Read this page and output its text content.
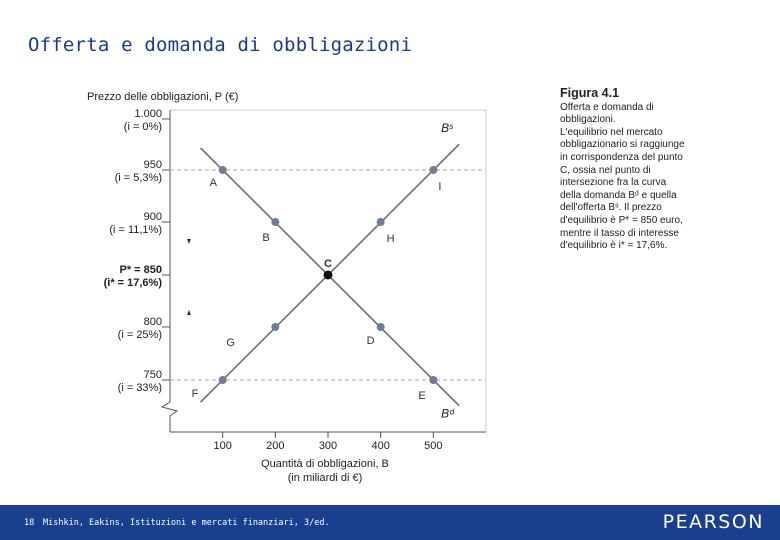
Offerta e domanda di obbligazioni
Prezzo delle obbligazioni, P (€)
1.000
(i = 0%)
950
(i = 5,3%)
900
(i = 11,1%)
P* = 850
(i* = 17,6%)
800
(i = 25%)
750
(i = 33%)
100	200	300	400	500
Quantità di obbligazioni, B
(in miliardi di €)
Bˢ
Bᵈ
A	I
B	H
C
G	D
F	E
Figura 4.1
Offerta e domanda di
obbligazioni.
L'equilibrio nel mercato
obbligazionario si raggiunge
in corrispondenza del punto
C, ossia nel punto di
intersezione fra la curva
della domanda Bᵈ e quella
dell'offerta Bˢ. Il prezzo
d'equilibrio è P* = 850 euro,
mentre il tasso di interesse
d'equilibrio è i* = 17,6%.
18 Mishkin, Eakins, Istituzioni e mercati finanziari, 3/ed.	PEARSON
